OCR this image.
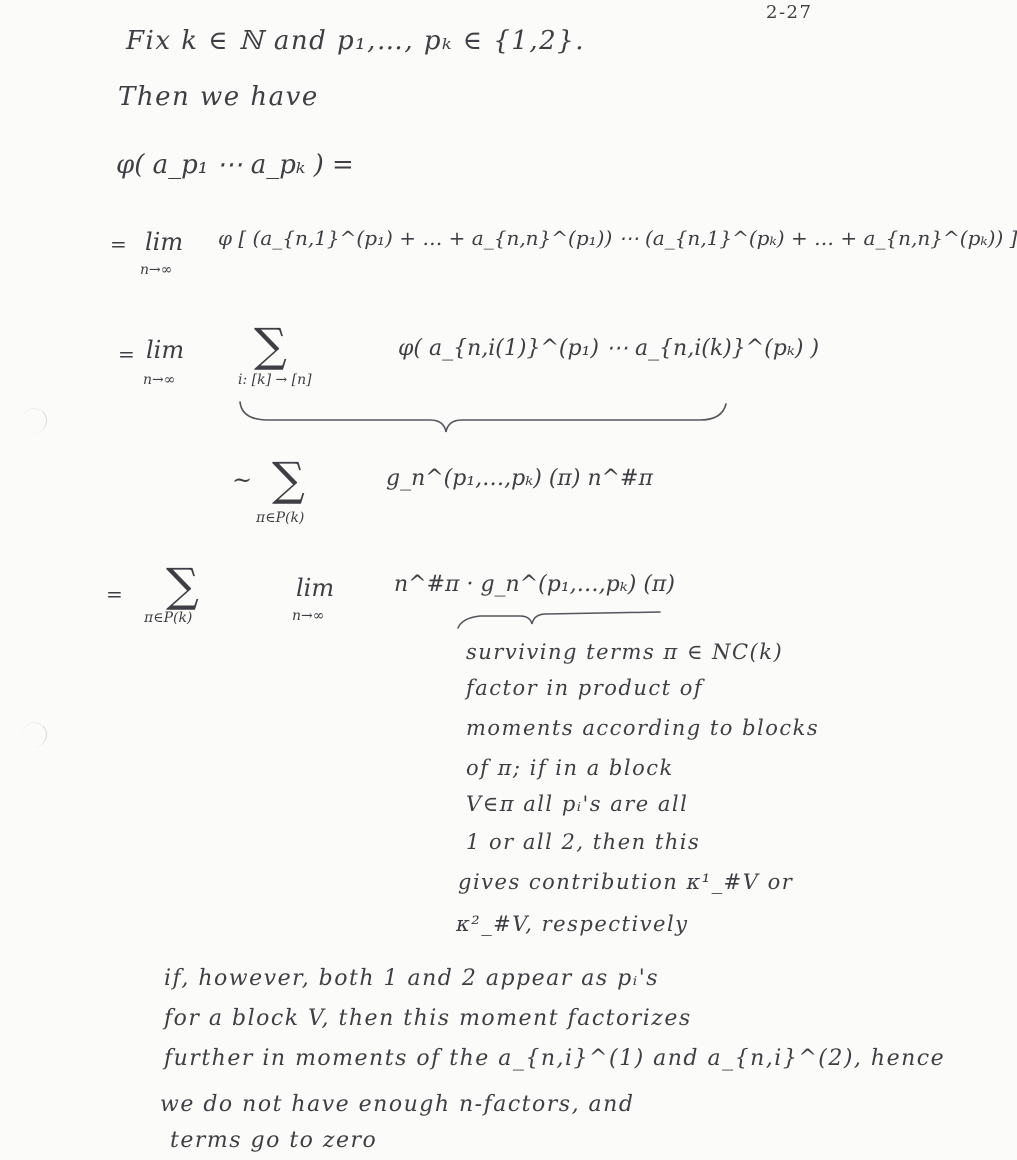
2-27
Fix k ∈ ℕ and p₁,…, pₖ ∈ {1,2}.
Then we have
φ( a_p₁ ⋯ a_pₖ ) =
= lim
n→∞
φ [ (a_{n,1}^(p₁) + … + a_{n,n}^(p₁)) ⋯ (a_{n,1}^(pₖ) + … + a_{n,n}^(pₖ)) ]
= lim
n→∞
∑
i: [k] → [n]
φ( a_{n,i(1)}^(p₁) ⋯ a_{n,i(k)}^(pₖ) )
~ ∑
π∈P(k)
g_n^(p₁,…,pₖ) (π) n^#π
= ∑
π∈P(k)
lim
n→∞
n^#π · g_n^(p₁,…,pₖ) (π)
surviving terms π ∈ NC(k)
factor in product of
moments according to blocks
of π; if in a block
V∈π all pᵢ's are all
1 or all 2, then this
gives contribution κ¹_#V or
κ²_#V, respectively
if, however, both 1 and 2 appear as pᵢ's
for a block V, then this moment factorizes
further in moments of the a_{n,i}^(1) and a_{n,i}^(2), hence
we do not have enough n-factors, and
terms go to zero
